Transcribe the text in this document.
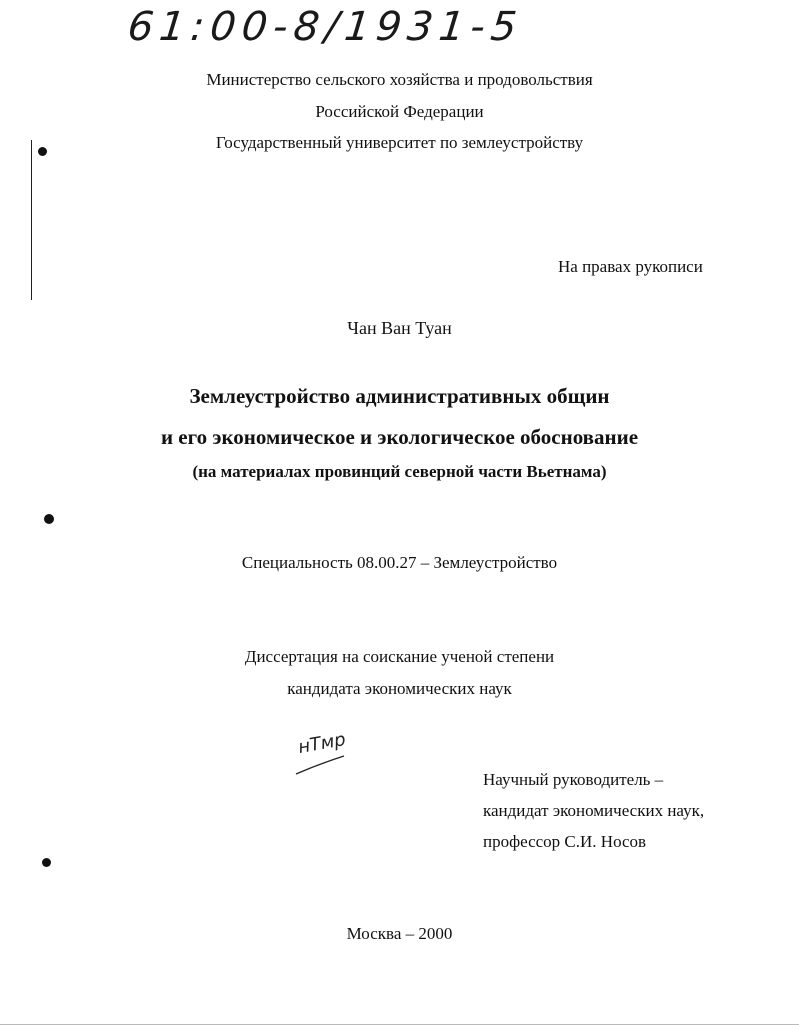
61:00-8/1931-5
Министерство сельского хозяйства и продовольствия
Российской Федерации
Государственный университет по землеустройству
На правах рукописи
Чан Ван Туан
Землеустройство административных общин
и его экономическое и экологическое обоснование
(на материалах провинций северной части Вьетнама)
Специальность 08.00.27 – Землеустройство
Диссертация на соискание ученой степени
кандидата экономических наук
нТмр
Научный руководитель –
кандидат экономических наук,
профессор С.И. Носов
Москва – 2000
